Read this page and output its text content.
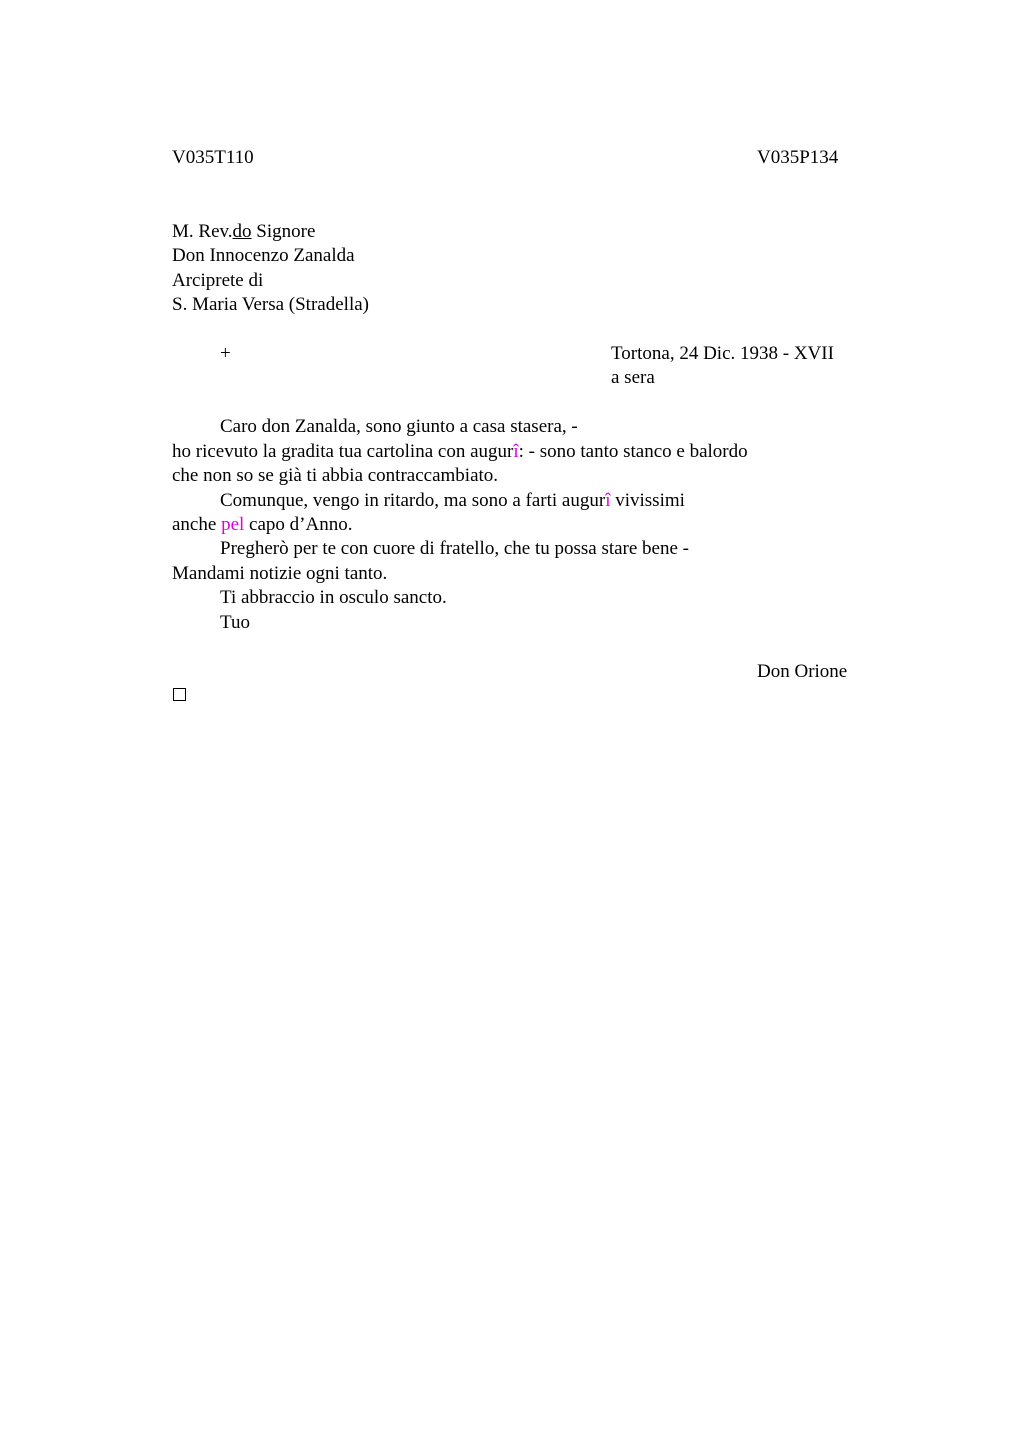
V035T110	V035P134
M. Rev.do Signore
Don Innocenzo Zanalda
Arciprete di
S. Maria Versa (Stradella)
+	Tortona, 24 Dic. 1938 - XVII
a sera
Caro don Zanalda, sono giunto a casa stasera, -
ho ricevuto la gradita tua cartolina con augurî: - sono tanto stanco e balordo
che non so se già ti abbia contraccambiato.
Comunque, vengo in ritardo, ma sono a farti augurî vivissimi
anche pel capo d’Anno.
Pregherò per te con cuore di fratello, che tu possa stare bene -
Mandami notizie ogni tanto.
Ti abbraccio in osculo sancto.
Tuo
Don Orione
